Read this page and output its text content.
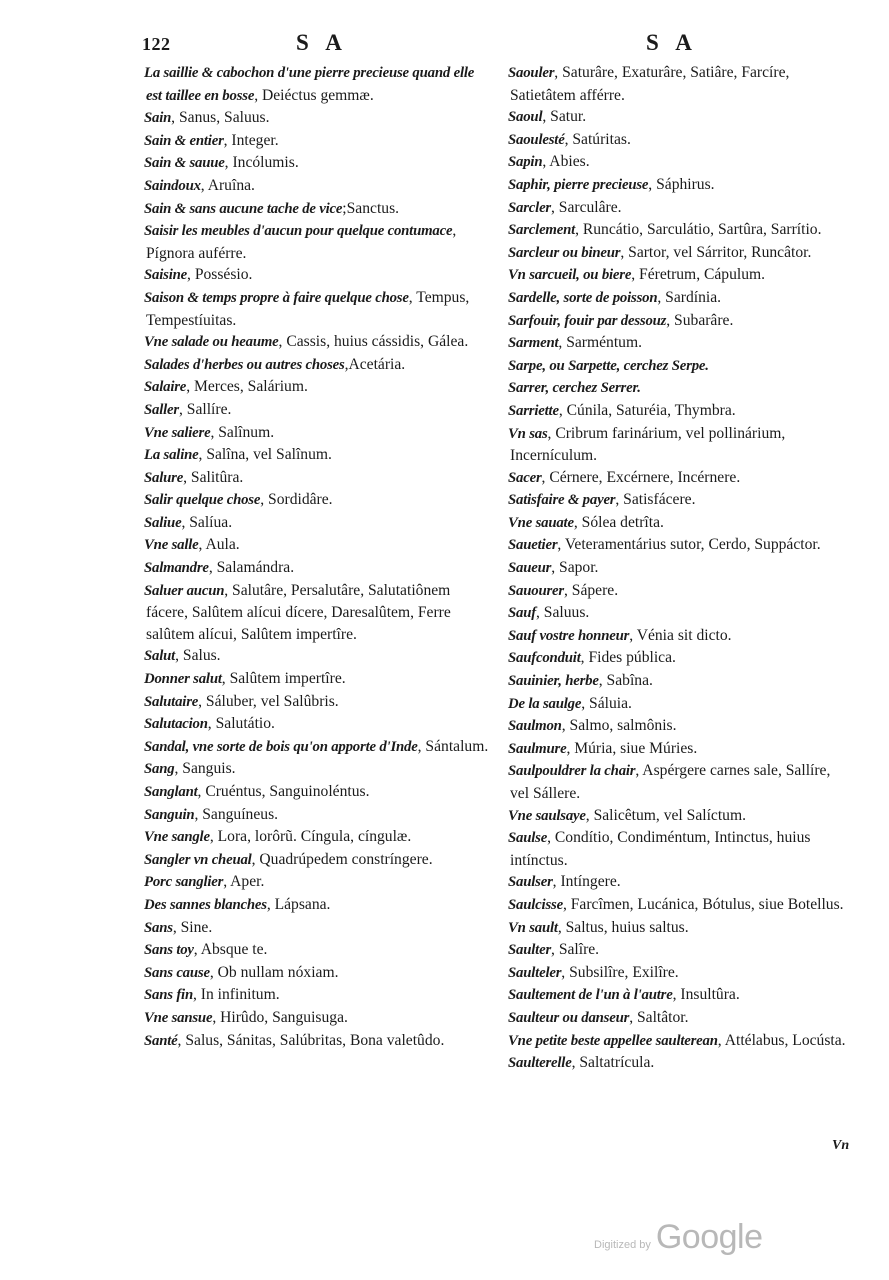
122	S A	S A
La saillie & cabochon d'une pierre precieuse quand elle est taillee en bosse, Deiéctus gemmæ.
Sain, Sanus, Saluus.
Sain & entier, Integer.
Sain & sauue, Incólumis.
Saindoux, Aruîna.
Sain & sans aucune tache de vice;Sanctus.
Saisir les meubles d'aucun pour quelque contumace, Pígnora auférre.
Saisine, Possésio.
Saison & temps propre à faire quelque chose, Tempus, Tempestíuitas.
Vne salade ou heaume, Cassis, huius cássidis, Gálea.
Salades d'herbes ou autres choses,Acetária.
Salaire, Merces, Salárium.
Saller, Sallíre.
Vne saliere, Salînum.
La saline, Salîna, vel Salînum.
Salure, Salitûra.
Salir quelque chose, Sordidâre.
Saliue, Salíua.
Vne salle, Aula.
Salmandre, Salamándra.
Saluer aucun, Salutâre, Persalutâre, Salutatiônem fácere, Salûtem alícui dícere, Daresalûtem, Ferre salûtem alícui, Salûtem impertîre.
Salut, Salus.
Donner salut, Salûtem impertîre.
Salutaire, Sáluber, vel Salûbris.
Salutacion, Salutátio.
Sandal, vne sorte de bois qu'on apporte d'Inde, Sántalum.
Sang, Sanguis.
Sanglant, Cruéntus, Sanguinoléntus.
Sanguin, Sanguíneus.
Vne sangle, Lora, lorôrũ. Cíngula, cíngulæ.
Sangler vn cheual, Quadrúpedem constríngere.
Porc sanglier, Aper.
Des sannes blanches, Lápsana.
Sans, Sine.
Sans toy, Absque te.
Sans cause, Ob nullam nóxiam.
Sans fin, In infinitum.
Vne sansue, Hirûdo, Sanguisuga.
Santé, Salus, Sánitas, Salúbritas, Bona valetûdo.
Saouler, Saturâre, Exaturâre, Satiâre, Farcíre, Satietâtem afférre.
Saoul, Satur.
Saoulesté, Satúritas.
Sapin, Abies.
Saphir, pierre precieuse, Sáphirus.
Sarcler, Sarculâre.
Sarclement, Runcátio, Sarculátio, Sartûra, Sarrítio.
Sarcleur ou bineur, Sartor, vel Sárritor, Runcâtor.
Vn sarcueil, ou biere, Féretrum, Cápulum.
Sardelle, sorte de poisson, Sardínia.
Sarfouir, fouir par dessouz, Subarâre.
Sarment, Sarméntum.
Sarpe, ou Sarpette, cerchez Serpe.
Sarrer, cerchez Serrer.
Sarriette, Cúnila, Saturéia, Thymbra.
Vn sas, Cribrum farinárium, vel pollinárium, Incernículum.
Sacer, Cérnere, Excérnere, Incérnere.
Satisfaire & payer, Satisfácere.
Vne sauate, Sólea detrîta.
Sauetier, Veteramentárius sutor, Cerdo, Suppáctor.
Saueur, Sapor.
Sauourer, Sápere.
Sauf, Saluus.
Sauf vostre honneur, Vénia sit dicto.
Saufconduit, Fides pública.
Sauinier, herbe, Sabîna.
De la saulge, Sáluia.
Saulmon, Salmo, salmônis.
Saulmure, Múria, siue Múries.
Saulpouldrer la chair, Aspérgere carnes sale, Sallíre, vel Sállere.
Vne saulsaye, Salicêtum, vel Salíctum.
Saulse, Condítio, Condiméntum, Intinctus, huius intínctus.
Saulser, Intíngere.
Saulcisse, Farcîmen, Lucánica, Bótulus, siue Botellus.
Vn sault, Saltus, huius saltus.
Saulter, Salîre.
Saulteler, Subsilîre, Exilîre.
Saultement de l'un à l'autre, Insultûra.
Saulteur ou danseur, Saltâtor.
Vne petite beste appellee saulterean, Attélabus, Locústa.
Saulterelle, Saltatrícula.
Vn
Digitized by Google
